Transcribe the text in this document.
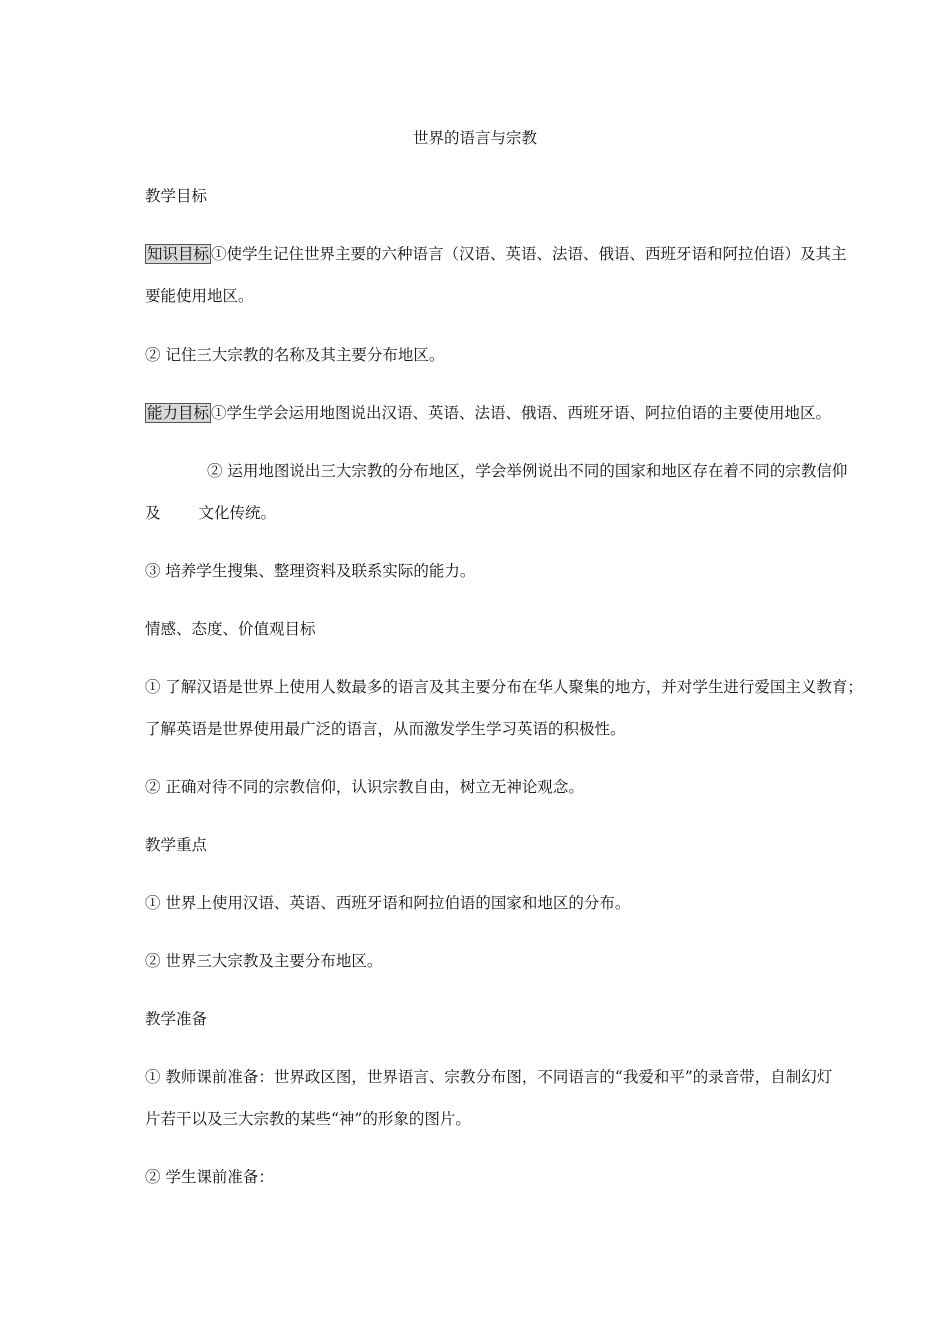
世界的语言与宗教
教学目标
知识目标 ①使学生记住世界主要的六种语言（汉语、英语、法语、俄语、西班牙语和阿拉伯语）及其主
要能使用地区。
② 记住三大宗教的名称及其主要分布地区。
能力目标 ①学生学会运用地图说出汉语、英语、法语、俄语、西班牙语、阿拉伯语的主要使用地区。
② 运用地图说出三大宗教的分布地区，学会举例说出不同的国家和地区存在着不同的宗教信仰
及 文化传统。
③ 培养学生搜集、整理资料及联系实际的能力。
情感、态度、价值观目标
① 了解汉语是世界上使用人数最多的语言及其主要分布在华人聚集的地方，并对学生进行爱国主义教育；
了解英语是世界使用最广泛的语言，从而激发学生学习英语的积极性。
② 正确对待不同的宗教信仰，认识宗教自由，树立无神论观念。
教学重点
① 世界上使用汉语、英语、西班牙语和阿拉伯语的国家和地区的分布。
② 世界三大宗教及主要分布地区。
教学准备
① 教师课前准备：世界政区图，世界语言、宗教分布图，不同语言的“我爱和平”的录音带，自制幻灯
片若干以及三大宗教的某些“神”的形象的图片。
② 学生课前准备：
